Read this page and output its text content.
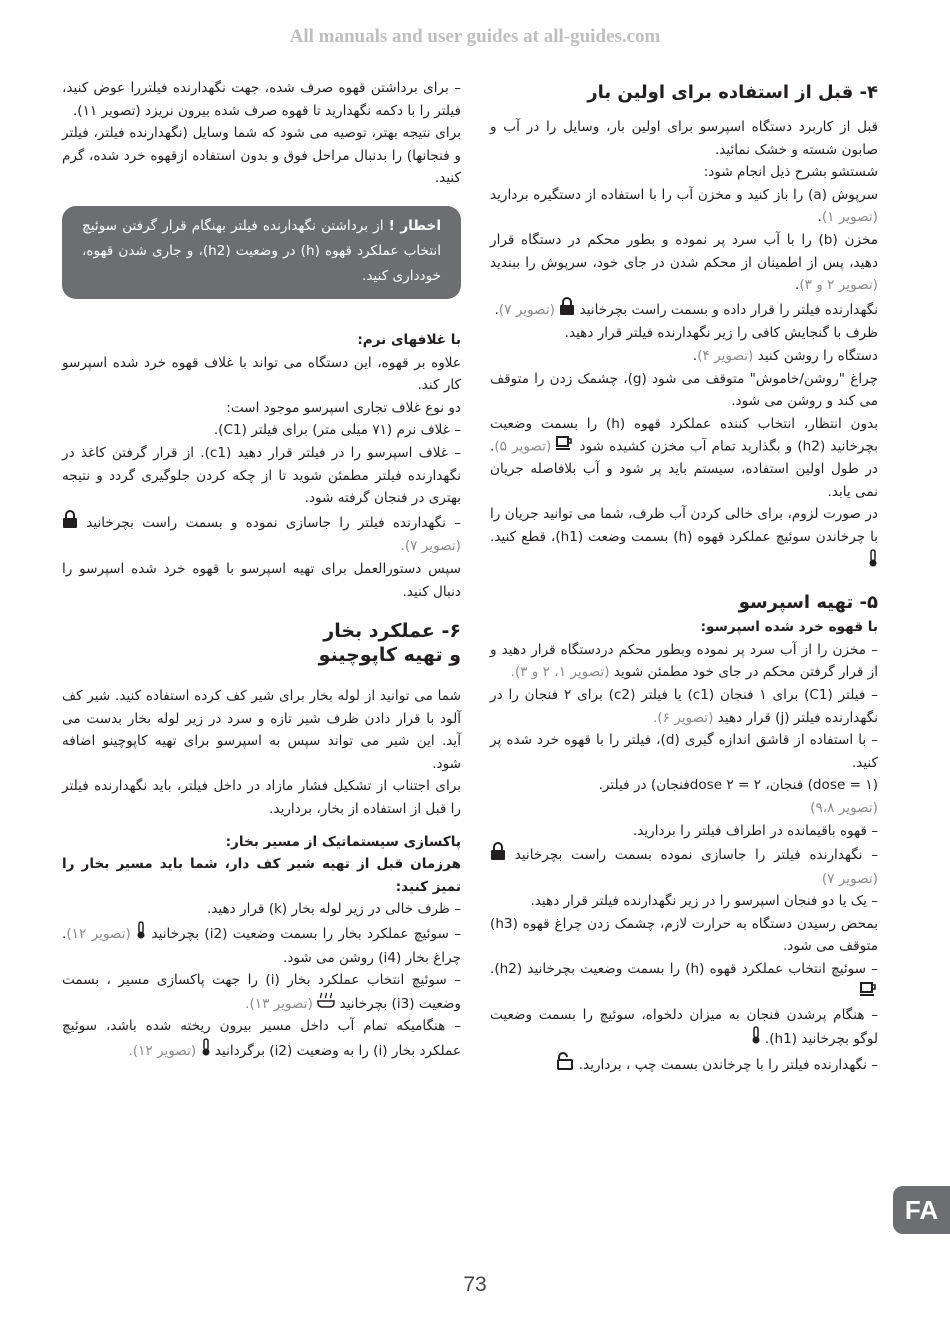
All manuals and user guides at all-guides.com
۴- قبل از استفاده برای اولین بار

قبل از کاربرد دستگاه اسپرسو برای اولین بار، وسایل را در آب و صابون شسته و خشک نمائید.

شستشو بشرح ذیل انجام شود:

سرپوش (a) را باز کنید و مخزن آب را با استفاده از دستگیره بردارید (تصویر ۱).

مخزن (b) را با آب سرد پر نموده و بطور محکم در دستگاه قرار دهید، پس از اطمینان از محکم شدن در جای خود، سرپوش را ببندید (تصویر ۲ و ۳).

نگهدارنده فیلتر را قرار داده و بسمت راست بچرخانید  (تصویر ۷).

ظرف با گنجایش کافی را زیر نگهدارنده فیلتر قرار دهید.

دستگاه را روشن کنید (تصویر ۴).

چراغ "روشن/خاموش" متوقف می شود (g)، چشمک زدن را متوقف می کند و روشن می شود.

بدون انتظار، انتخاب کننده عملکرد قهوه (h) را بسمت وضعیت بچرخانید (h2) و بگذارید تمام آب مخزن کشیده شود  (تصویر ۵). در طول اولین استفاده، سیستم باید پر شود و آب بلافاصله جریان نمی یابد.

در صورت لزوم، برای خالی کردن آب ظرف، شما می توانید جریان را با چرخاندن سوئیچ عملکرد قهوه (h) بسمت وضعت (h1)، قطع کنید.

۵- تهیه اسپرسو

با قهوه خرد شده اسپرسو:

– مخزن را از آب سرد پر نموده وبطور محکم دردستگاه قرار دهید و از قرار گرفتن محکم در جای خود مطمئن شوید (تصویر ۱، ۲ و ۳).

– فیلتر (C1) برای ۱ فنجان (c1) یا فیلتر (c2) برای ۲ فنجان را در نگهدارنده فیلتر (j) قرار دهید (تصویر ۶).

– با استفاده از قاشق اندازه گیری (d)، فیلتر را با قهوه خرد شده پر کنید.

(۱ = dose) فنجان، ۲ = dose ۲فنجان) در فیلتر.

(تصویر ۹،۸)

– قهوه باقیمانده در اطراف فیلتر را بردارید.

– نگهدارنده فیلتر را جاسازی نموده بسمت راست بچرخانید  (تصویر ۷)

– یک یا دو فنجان اسپرسو را در زیر نگهدارنده فیلتر قرار دهید.

بمحض رسیدن دستگاه به حرارت لازم، چشمک زدن چراغ قهوه (h3) متوقف می شود.

– سوئیچ انتخاب عملکرد قهوه (h) را بسمت وضعیت بچرخانید (h2).

– هنگام پرشدن فنجان به میزان دلخواه، سوئیچ را بسمت وضعیت لوگو بچرخانید (h1).

– نگهدارنده فیلتر را با چرخاندن بسمت چپ ، بردارید.

– برای برداشتن قهوه صرف شده، جهت نگهدارنده فیلتررا عوض کنید، فیلتر را با دکمه نگهدارید تا قهوه صرف شده بیرون نریزد (تصویر ۱۱).

برای نتیجه بهتر، توصیه می شود که شما وسایل (نگهدارنده فیلتر، فیلتر و فنجانها) را بدنبال مراحل فوق و بدون استفاده ازقهوه خرد شده، گرم کنید.

اخطار ! از برداشتن نگهدارنده فیلتر بهنگام قرار گرفتن سوئیچ انتخاب عملکرد قهوه (h) در وضعیت (h2)، و جاری شدن قهوه، خودداری کنید.

با غلافهای نرم:

علاوه بر قهوه، این دستگاه می تواند با غلاف قهوه خرد شده اسپرسو کار کند.

دو نوع غلاف تجاری اسپرسو موجود است:

– غلاف نرم (۷۱ میلی متر) برای فیلتر (C1).

– غلاف اسپرسو را در فیلتر قرار دهید (c1). از قرار گرفتن کاغذ در نگهدارنده فیلتر مطمئن شوید تا از چکه کردن جلوگیری گردد و نتیجه بهتری در فنجان گرفته شود.

– نگهدارنده فیلتر را جاسازی نموده و بسمت راست بچرخانید  (تصویر ۷).

سپس دستورالعمل برای تهیه اسپرسو با قهوه خرد شده اسپرسو را دنبال کنید.

۶- عملکرد بخار
و تهیه کاپوچینو

شما می توانید از لوله بخار برای شیر کف کرده استفاده کنید. شیر کف آلود با قرار دادن ظرف شیر تازه و سرد در زیر لوله بخار بدست می آید. این شیر می تواند سپس به اسپرسو برای تهیه کاپوچینو اضافه شود.

برای اجتناب از تشکیل فشار مازاد در داخل فیلتر، باید نگهدارنده فیلتر را قبل از استفاده از بخار، بردارید.

پاکسازی سیستماتیک از مسیر بخار:

هرزمان قبل از تهیه شیر کف دار، شما باید مسیر بخار را تمیز کنید:

– ظرف خالی در زیر لوله بخار (k) قرار دهید.

– سوئیچ عملکرد بخار را بسمت وضعیت (i2) بچرخانید  (تصویر ۱۲). چراغ بخار (i4) روشن می شود.

– سوئیچ انتخاب عملکرد بخار (i) را جهت پاکسازی مسیر ، بسمت وضعیت (i3) بچرخانید  (تصویر ۱۳).

– هنگامیکه تمام آب داخل مسیر بیرون ریخته شده باشد، سوئیچ عملکرد بخار (i) را به وضعیت (i2) برگردانید  (تصویر ۱۲).

FA
73
